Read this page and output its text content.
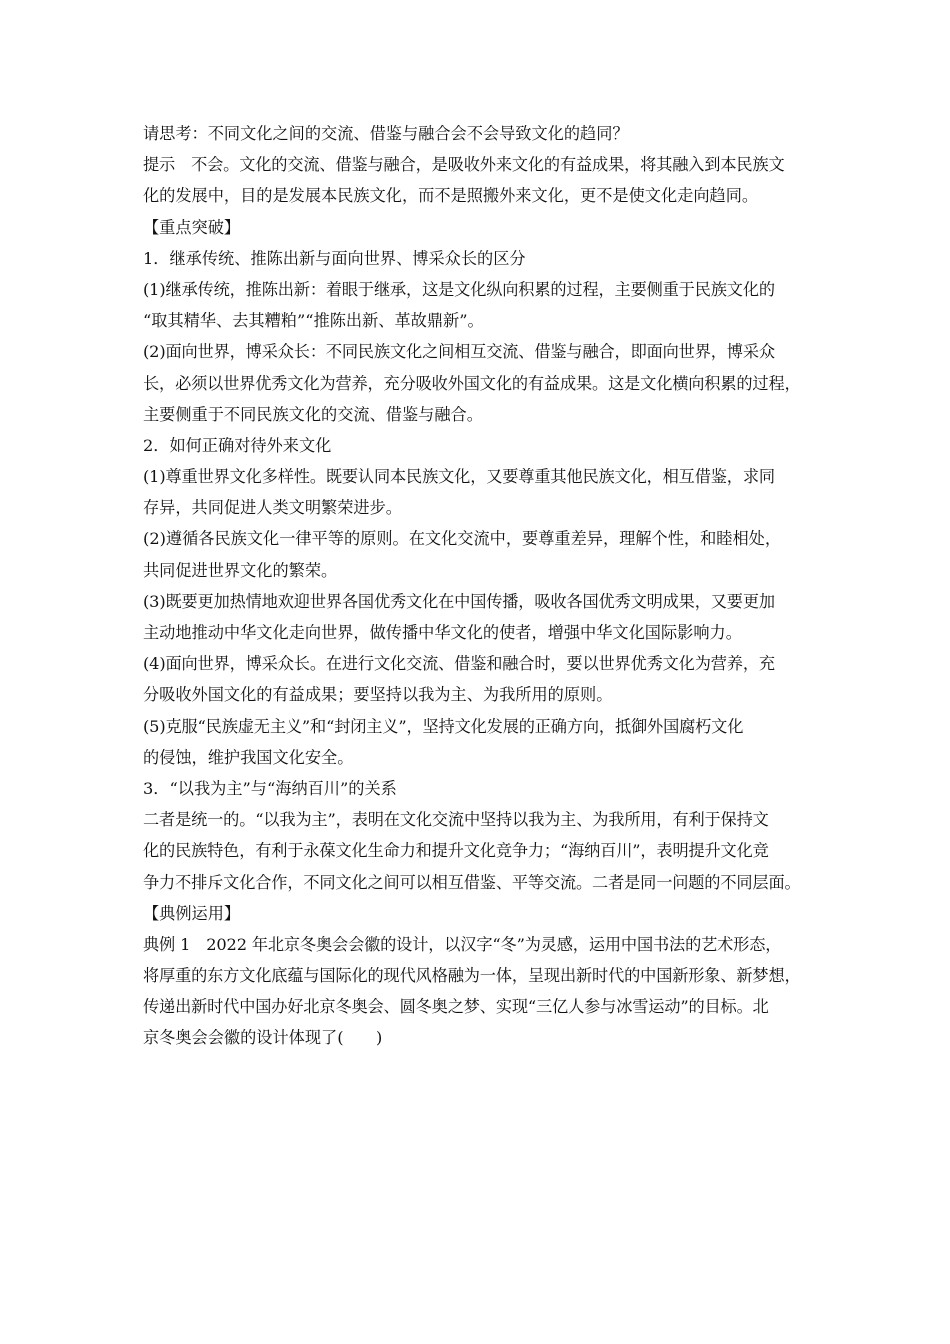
请思考：不同文化之间的交流、借鉴与融合会不会导致文化的趋同？
提示　不会。文化的交流、借鉴与融合，是吸收外来文化的有益成果，将其融入到本民族文
化的发展中，目的是发展本民族文化，而不是照搬外来文化，更不是使文化走向趋同。
【重点突破】
1．继承传统、推陈出新与面向世界、博采众长的区分
(1)继承传统，推陈出新：着眼于继承，这是文化纵向积累的过程，主要侧重于民族文化的
“取其精华、去其糟粕”“推陈出新、革故鼎新”。
(2)面向世界，博采众长：不同民族文化之间相互交流、借鉴与融合，即面向世界，博采众
长，必须以世界优秀文化为营养，充分吸收外国文化的有益成果。这是文化横向积累的过程，
主要侧重于不同民族文化的交流、借鉴与融合。
2．如何正确对待外来文化
(1)尊重世界文化多样性。既要认同本民族文化，又要尊重其他民族文化，相互借鉴，求同
存异，共同促进人类文明繁荣进步。
(2)遵循各民族文化一律平等的原则。在文化交流中，要尊重差异，理解个性，和睦相处，
共同促进世界文化的繁荣。
(3)既要更加热情地欢迎世界各国优秀文化在中国传播，吸收各国优秀文明成果，又要更加
主动地推动中华文化走向世界，做传播中华文化的使者，增强中华文化国际影响力。
(4)面向世界，博采众长。在进行文化交流、借鉴和融合时，要以世界优秀文化为营养，充
分吸收外国文化的有益成果；要坚持以我为主、为我所用的原则。
(5)克服“民族虚无主义”和“封闭主义”，坚持文化发展的正确方向，抵御外国腐朽文化
的侵蚀，维护我国文化安全。
3．“以我为主”与“海纳百川”的关系
二者是统一的。“以我为主”，表明在文化交流中坚持以我为主、为我所用，有利于保持文
化的民族特色，有利于永葆文化生命力和提升文化竞争力；“海纳百川”，表明提升文化竞
争力不排斥文化合作，不同文化之间可以相互借鉴、平等交流。二者是同一问题的不同层面。
【典例运用】
典例 1　2022 年北京冬奥会会徽的设计，以汉字“冬”为灵感，运用中国书法的艺术形态，
将厚重的东方文化底蕴与国际化的现代风格融为一体，呈现出新时代的中国新形象、新梦想，
传递出新时代中国办好北京冬奥会、圆冬奥之梦、实现“三亿人参与冰雪运动”的目标。北
京冬奥会会徽的设计体现了(　　)
